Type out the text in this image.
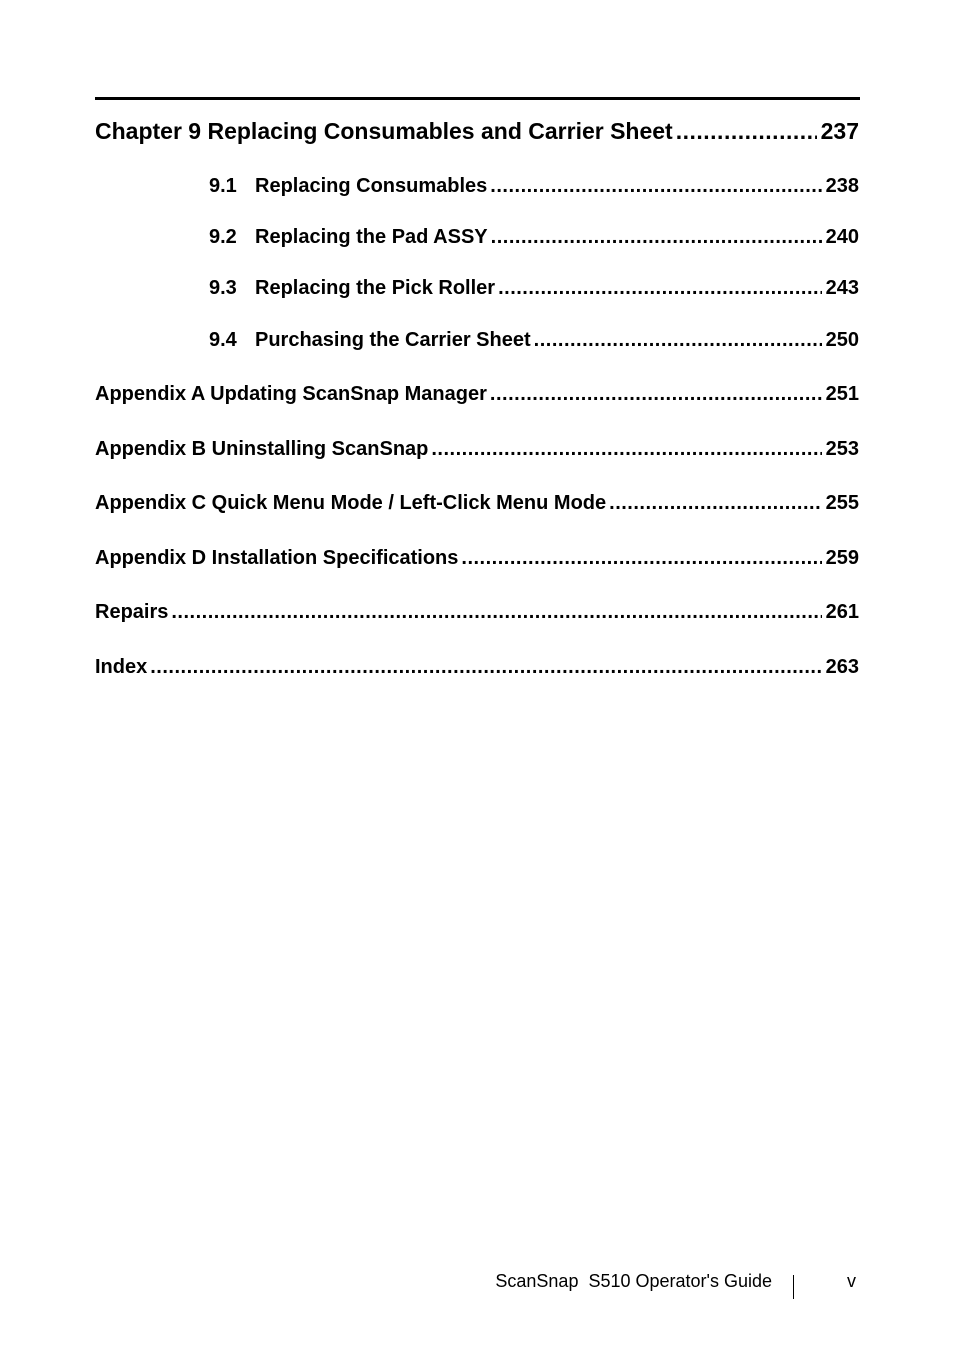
Chapter 9 Replacing Consumables and Carrier Sheet .....	237
9.1 Replacing Consumables .....	238
9.2 Replacing the Pad ASSY .....	240
9.3 Replacing the Pick Roller .....	243
9.4 Purchasing the Carrier Sheet .....	250
Appendix A Updating ScanSnap Manager .....	251
Appendix B Uninstalling ScanSnap .....	253
Appendix C Quick Menu Mode / Left-Click Menu Mode .....	255
Appendix D Installation Specifications .....	259
Repairs .....	261
Index .....	263
ScanSnap  S510 Operator's Guide	v
